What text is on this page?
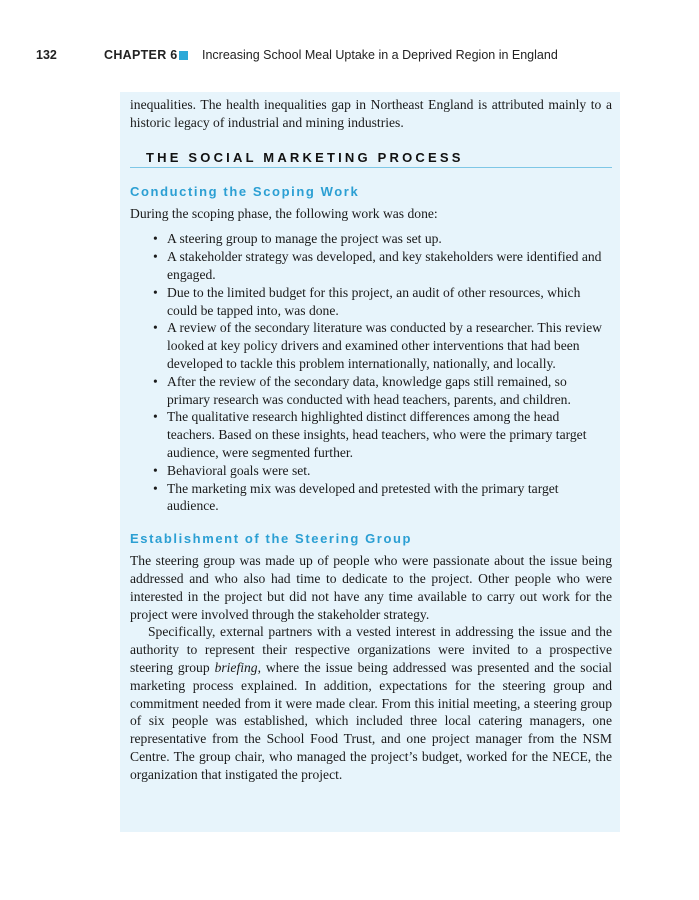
132	CHAPTER 6 Increasing School Meal Uptake in a Deprived Region in England

inequalities. The health inequalities gap in Northeast England is attributed mainly to a historic legacy of industrial and mining industries.

THE SOCIAL MARKETING PROCESS
Conducting the Scoping Work

During the scoping phase, the following work was done:

• A steering group to manage the project was set up.
• A stakeholder strategy was developed, and key stakeholders were identified and engaged.
• Due to the limited budget for this project, an audit of other resources, which could be tapped into, was done.
• A review of the secondary literature was conducted by a researcher. This review looked at key policy drivers and examined other interventions that had been developed to tackle this problem internationally, nationally, and locally.
• After the review of the secondary data, knowledge gaps still remained, so primary research was conducted with head teachers, parents, and children.
• The qualitative research highlighted distinct differences among the head teachers. Based on these insights, head teachers, who were the primary target audience, were segmented further.
• Behavioral goals were set.
• The marketing mix was developed and pretested with the primary target audience.
Establishment of the Steering Group

The steering group was made up of people who were passionate about the issue being addressed and who also had time to dedicate to the project. Other people who were interested in the project but did not have any time available to carry out work for the project were involved through the stakeholder strategy.

Specifically, external partners with a vested interest in addressing the issue and the authority to represent their respective organizations were invited to a prospective steering group briefing, where the issue being addressed was presented and the social marketing process explained. In addition, expectations for the steering group and commitment needed from it were made clear. From this initial meeting, a steering group of six people was established, which included three local catering managers, one representative from the School Food Trust, and one project manager from the NSM Centre. The group chair, who managed the project’s budget, worked for the NECE, the organization that instigated the project.
